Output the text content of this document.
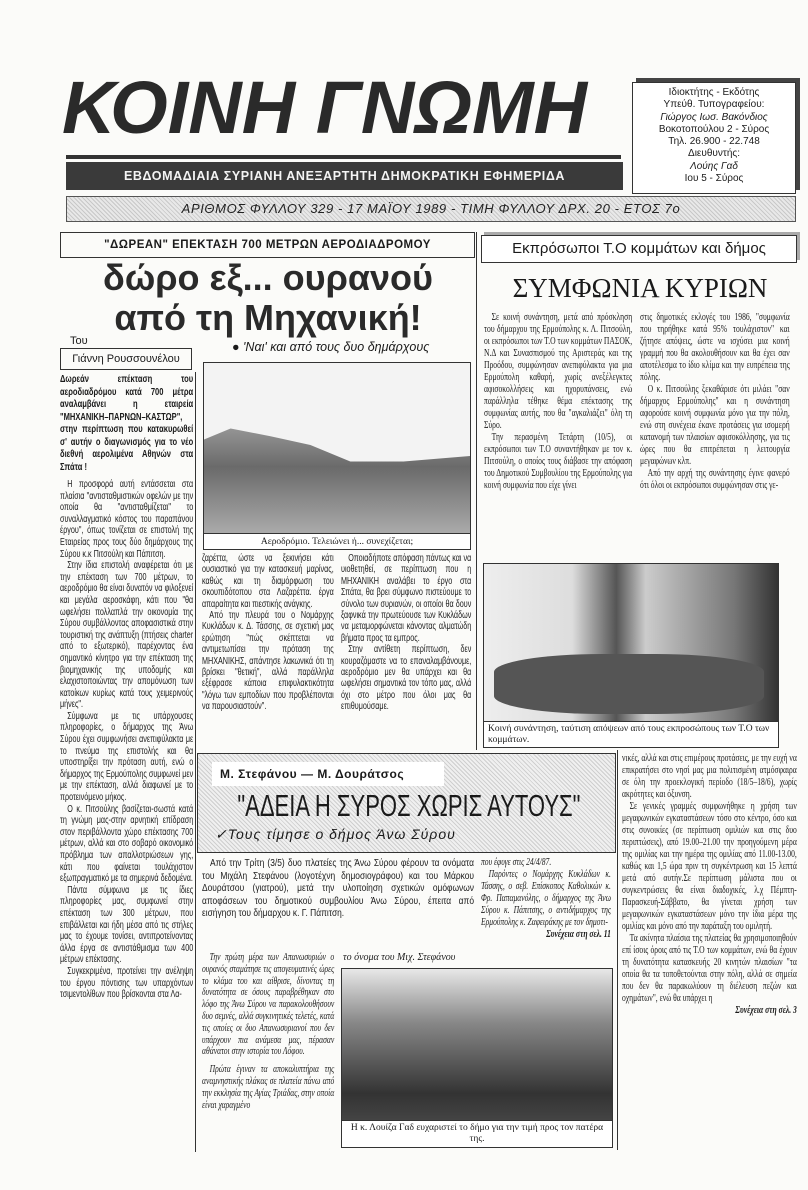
ΚΟΙΝΗ ΓΝΩΜΗ
ΕΒΔΟΜΑΔΙΑΙΑ ΣΥΡΙΑΝΗ ΑΝΕΞΑΡΤΗΤΗ ΔΗΜΟΚΡΑΤΙΚΗ ΕΦΗΜΕΡΙΔΑ
Ιδιοκτήτης - Εκδότης
Υπεύθ. Τυπογραφείου:
Γιώργος Ιωσ. Βακόνδιος
Βοκοτοπούλου 2 - Σύρος
Τηλ. 26.900 - 22.748
Διευθυντής:
Λούης Γαδ
Ιου 5 - Σύρος
ΑΡΙΘΜΟΣ ΦΥΛΛΟΥ 329 - 17 ΜΑΪΟΥ 1989 - ΤΙΜΗ ΦΥΛΛΟΥ ΔΡΧ. 20 - ΕΤΟΣ 7ο
"ΔΩΡΕΑΝ" ΕΠΕΚΤΑΣΗ 700 ΜΕΤΡΩΝ ΑΕΡΟΔΙΑΔΡΟΜΟΥ
δώρο εξ... ουρανού
από τη Μηχανική!
Του
Γιάννη Ρουσσουνέλου
● 'Ναι' και από τους δυο δημάρχους
Αεροδρόμιο. Τελειώνει ή... συνεχίζεται;
Δωρεάν επέκταση του αεροδιαδρόμου κατά 700 μέτρα αναλαμβάνει η εταιρεία "ΜΗΧΑΝΙΚΗ–ΠΑΡΝΩΝ–ΚΑΣΤΩΡ", στην περίπτωση που κατακυρωθεί σ' αυτήν ο διαγωνισμός για το νέο διεθνή αερολιμένα Αθηνών στα Σπάτα !

Η προσφορά αυτή εντάσσεται στα πλαίσια "αντισταθμιστικών οφελών με την οποία θα "αντισταθμίζεται" το συναλλαγματικό κόστος του παραπάνου έργου", όπως τονίζεται σε επιστολή της Εταιρείας προς τους δύο δημάρχους της Σύρου κ.κ Πιτσούλη και Πάπιτση.

Στην ίδια επιστολή αναφέρεται ότι με την επέκταση των 700 μέτρων, το αεροδρόμιο θα είναι δυνατόν να φιλοξενεί και μεγάλα αεροσκάφη, κάτι που "θα ωφελήσει πολλαπλά την οικονομία της Σύρου συμβάλλοντας αποφασιστικά στην τουριστική της ανάπτυξη (πτήσεις charter από το εξωτερικό), παρέχοντας ένα σημαντικό κίνητρο για την επέκταση της βιομηχανικής της υποδομής και ελαχιστοποιώντας την απομόνωση των κατοίκων κυρίως κατά τους χειμερινούς μήνες".

Σύμφωνα με τις υπάρχουσες πληροφορίες, ο δήμαρχος της Άνω Σύρου έχει συμφωνήσει ανεπιφύλακτα με το πνεύμα της επιστολής και θα υποστηρίξει την πρόταση αυτή, ενώ ο δήμαρχος της Ερμούπολης συμφωνεί μεν με την επέκταση, αλλά διαφωνεί με το προτεινόμενο μήκος.

Ο κ. Πιτσούλης βασίζεται-σωστά κατά τη γνώμη μας-στην αρνητική επίδραση στον περιβάλλοντα χώρο επέκτασης 700 μέτρων, αλλά και στο σοβαρό οικονομικό πρόβλημα των απαλλοτριώσεων γης, κάτι που φαίνεται τουλάχιστον εξωπραγματικό με τα σημερινά δεδομένα.

Πάντα σύμφωνα με τις ίδιες πληροφορίες μας, συμφωνεί στην επέκταση των 300 μέτρων, που επιβάλλεται και ήδη μέσα από τις στήλες μας το έχουμε τονίσει, αντιπροτείνοντας άλλα έργα σε αντιστάθμισμα των 400 μέτρων επέκτασης.

Συγκεκριμένα, προτείνει την ανέληψη του έργου πόντισης των υπαρχόντων τσιμεντολίθων που βρίσκονται στα Λα-

ζαρέττα, ώστε να ξεκινήσει κάτι ουσιαστικό για την κατασκευή μαρίνας, καθώς και τη διαμόρφωση του σκουπιδότοπου στα Λαζαρέττα. έργα απαραίτητα και πιεστικής ανάγκης.

Από την πλευρά του ο Νομάρχης Κυκλάδων κ. Δ. Τάσσης, σε σχετική μας ερώτηση "πώς σκέπτεται να αντιμετωπίσει την πρόταση της ΜΗΧΑΝΙΚΗΣ, απάντησε λακωνικά ότι τη βρίσκει "θετική", αλλά παράλληλα εξέφρασε κάποια επιφυλακτικότητα "λόγω των εμποδίων που προβλέπονται να παρουσιαστούν".

Οποιαδήποτε απόφαση πάντως και να υιοθετηθεί, σε περίπτωση που η ΜΗΧΑΝΙΚΗ αναλάβει το έργο στα Σπάτα, θα βρει σύμφωνο πιστεύουμε το σύνολο των συριανών, οι οποίοι θα δουν ξαφνικά την πρωτεύουσε των Κυκλάδων να μεταμορφώνεται κάνοντας αλματώδη βήματα προς τα εμπρος.

Στην αντίθετη περίπτωση, δεν κουραζόμαστε να το επαναλαμβάνουμε, αεροδρόμιο μεν θα υπάρχει και θα ωφελήσει σημαντικά τον τόπο μας, αλλά όχι στο μέτρο που όλοι μας θα επιθυμούσαμε.

Εκπρόσωποι Τ.Ο κομμάτων και δήμος
ΣΥΜΦΩΝΙΑ ΚΥΡΙΩΝ

Σε κοινή συνάντηση, μετά από πρόσκληση του δήμαρχου της Ερμούπολης κ. Λ. Πιτσούλη, οι εκπρόσωποι των Τ.Ο των κομμάτων ΠΑΣΟΚ, Ν.Δ και Συνασπισμού της Αριστεράς και της Προόδου, συμφώνησαν ανεπιφύλακτα για μια Ερμούπολη καθαρή, χωρίς ανεξέλεγκτες αφισοκολλήσεις και ηχορυπάνσεις, ενώ παράλληλα τέθηκε θέμα επέκτασης της συμφωνίας αυτής, που θα "αγκαλιάζει" όλη τη Σύρο.

Την περασμένη Τετάρτη (10/5), οι εκπρόσωποι των Τ.Ο συναντήθηκαν με τον κ. Πιτσούλη, ο οποίος τους διάβασε την απόφαση του Δημοτικού Συμβουλίου της Ερμούπολης για κοινή συμφωνία που είχε γίνει

στις δημοτικές εκλογές του 1986, "συμφωνία που τηρήθηκε κατά 95% τουλάχιστον" και ζήτησε απόψεις, ώστε να ισχύσει μια κοινή γραμμή που θα ακολουθήσουν και θα έχει σαν αποτέλεσμα το ίδιο κλίμα και την ευπρέπεια της πόλης.

Ο κ. Πιτσούλης ξεκαθάρισε ότι μιλάει "σαν δήμαρχος Ερμούπολης" και η συνάντηση αφορούσε κοινή συμφωνία μόνο για την πόλη, ενώ στη συνέχεια έκανε προτάσεις για ισομερή κατανομή των πλαισίων αφισοκόλλησης, για τις ώρες που θα επιτρέπεται η λειτουργία μεγαφώνων κλπ.

Από την αρχή της συνάντησης έγινε φανερό ότι όλοι οι εκπρόσωποι συμφώνησαν στις γε-

Κοινή συνάντηση, ταύτιση απόψεων από τους εκπροσώπους των Τ.Ο των κομμάτων.

νικές, αλλά και στις επιμέρους προτάσεις, με την ευχή να επικρατήσει στο νησί μας μια πολιτισμένη ατμόσφαιρα σε όλη την προεκλογική περίοδο (18/5–18/6), χωρίς ακρότητες και όξυνση.

Σε γενικές γραμμές συμφωνήθηκε η χρήση των μεγαφωνικών εγκαταστάσεων τόσο στο κέντρο, όσο και στις συνοικίες (σε περίπτωση ομιλιών και στις δυο περιπτώσεις), από 19.00–21.00 την προηγούμενη μέρα της ομιλίας και την ημέρα της ομιλίας από 11.00-13.00, καθώς και 1,5 ώρα πριν τη συγκέντρωση και 15 λεπτά μετά από αυτήν.Σε περίπτωση μάλιστα που οι συγκεντρώσεις θα είναι διαδοχικές, λ.χ Πέμπτη-Παρασκευή-Σάββατο, θα γίνεται χρήση των μεγαφωνικών εγκαταστάσεων μόνο την ίδια μέρα της ομιλίας και μόνο από την παράταξη του ομιλητή.

Τα ακίνητα πλαίσια της πλατείας θα χρησιμοποιηθούν επί ίσοις όροις από τις Τ.Ο των κομμάτων, ενώ θα έχουν τη δυνατότητα κατασκευής 20 κινητών πλαισίων "τα οποία θα τα τοποθετούνται στην πόλη, αλλά σε σημεία που δεν θα παρακωλύουν τη διέλευση πεζών και οχημάτων", ενώ θα υπάρχει η

Συνέχεια στη σελ. 3
Μ. Στεφάνου — Μ. Δουράτσος
"ΑΔΕΙΑ Η ΣΥΡΟΣ ΧΩΡΙΣ ΑΥΤΟΥΣ"
✓Τους τίμησε ο δήμος Άνω Σύρου

Από την Τρίτη (3/5) δυο πλατείες της Άνω Σύρου φέρουν τα ονόματα του Μιχάλη Στεφάνου (λογοτέχνη δημοσιογράφου) και του Μάρκου Δουράτσου (γιατρού), μετά την υλοποίηση σχετικών ομόφωνων αποφάσεων του δημοτικού συμβουλίου Άνω Σύρου, έπειτα από εισήγηση του δήμαρχου κ. Γ. Πάπιτση.

Την πρώτη μέρα των Απανωσυριών ο ουρανός σταμάτησε τις απογευματινές ώρες το κλάμα του και αίθρισε, δίνοντας τη δυνατότητα σε όσους παραβρέθηκαν στο λόφο της Άνω Σύρου να παρακολουθήσουν δυο σεμνές, αλλά συγκινητικές τελετές, κατά τις οποίες οι δυο Απανωσυριανοί που δεν υπάρχουν πια ανάμεσα μας, πέρασαν αθάνατοι στην ιστορία του Λόφου.

Πρώτα έγιναν τα αποκαλυπτήρια της αναμνηστικής πλάκας σε πλατεία πάνω από την εκκλησία της Αγίας Τριάδας, στην οποία είναι χαραγμένο

το όνομα του Μιχ. Στεφάνου

που έφυγε στις 24/4/87.

Παρόντες ο Νομάρχης Κυκλάδων κ. Τάσσης, ο σεβ. Επίσκοπος Καθολικών κ. Φρ. Παπαμανόλης, ο δήμαρχος της Άνω Σύρου κ. Πάπιτσης, ο αντιδήμαρχος της Ερμούπολης κ. Ζαφειράκης με τον δημοτι-

Συνέχεια στη σελ. 11
Η κ. Λουίζα Γαδ ευχαριστεί το δήμο για την τιμή προς τον πατέρα της.
